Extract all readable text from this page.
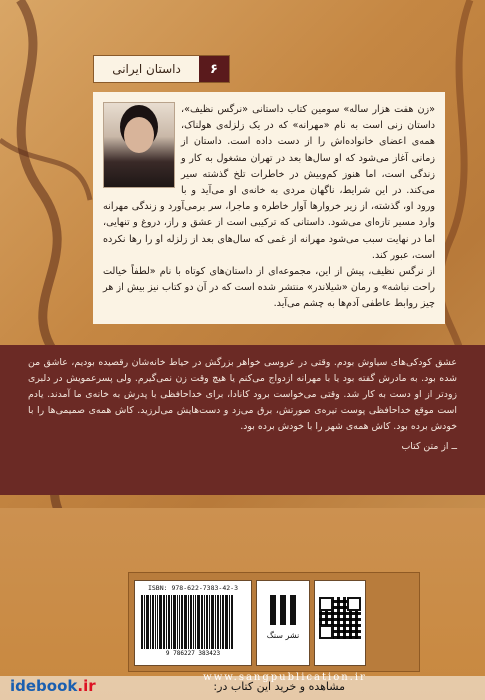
۶
داستان ایرانی

«زن هفت هزار ساله» سومین کتاب داستانی «نرگس نظیف»، داستان زنی است به نام «مهرانه» که در یک زلزله‌ی هولناک، همه‌ی اعضای خانواده‌اش را از دست داده است. داستان از زمانی آغاز می‌شود که او سال‌ها بعد در تهران مشغول به کار و زندگی است، اما هنوز کم‌وبیش در خاطرات تلخ گذشته سیر می‌کند. در این شرایط، ناگهان مردی به خانه‌ی او می‌آید و با ورود او، گذشته، از زیر خروارها آوار خاطره و ماجرا، سر برمی‌آورد و زندگی مهرانه وارد مسیر تازه‌ای می‌شود. داستانی که ترکیبی است از عشق و راز، دروغ و تنهایی، اما در نهایت سبب می‌شود مهرانه از غمی که سال‌های بعد از زلزله او را رها نکرده است، عبور کند.
از نرگس نظیف، پیش از این، مجموعه‌ای از داستان‌های کوتاه با نام «لطفاً خیالت راحت نباشه» و رمان «شیلاندر» منتشر شده است که در آن دو کتاب نیز بیش از هر چیز روابط عاطفی آدم‌ها به چشم می‌آید.

عشق کودکی‌های سیاوش بودم. وقتی در عروسی خواهر بزرگش در حیاط خانه‌شان رقصیده بودیم، عاشق من شده بود. به مادرش گفته بود یا با مهرانه ازدواج می‌کنم یا هیچ وقت زن نمی‌گیرم. ولی پسرعمویش در دلبری زودتر از او دست به کار شد. وقتی می‌خواست برود کانادا، برای خداحافظی با پدرش به خانه‌ی ما آمدند. یادم است موقع خداحافظی پوست تیره‌ی صورتش، برق می‌زد و دست‌هایش می‌لرزید. کاش همه‌ی صمیمی‌ها را با خودش برده بود. کاش همه‌ی شهر را با خودش برده بود.

ــ از متن کتاب
ISBN: 978-622-7383-42-3
9 786227 383423
نشر سنگ
idebook.ir	مشاهده و خرید این کتاب در:
